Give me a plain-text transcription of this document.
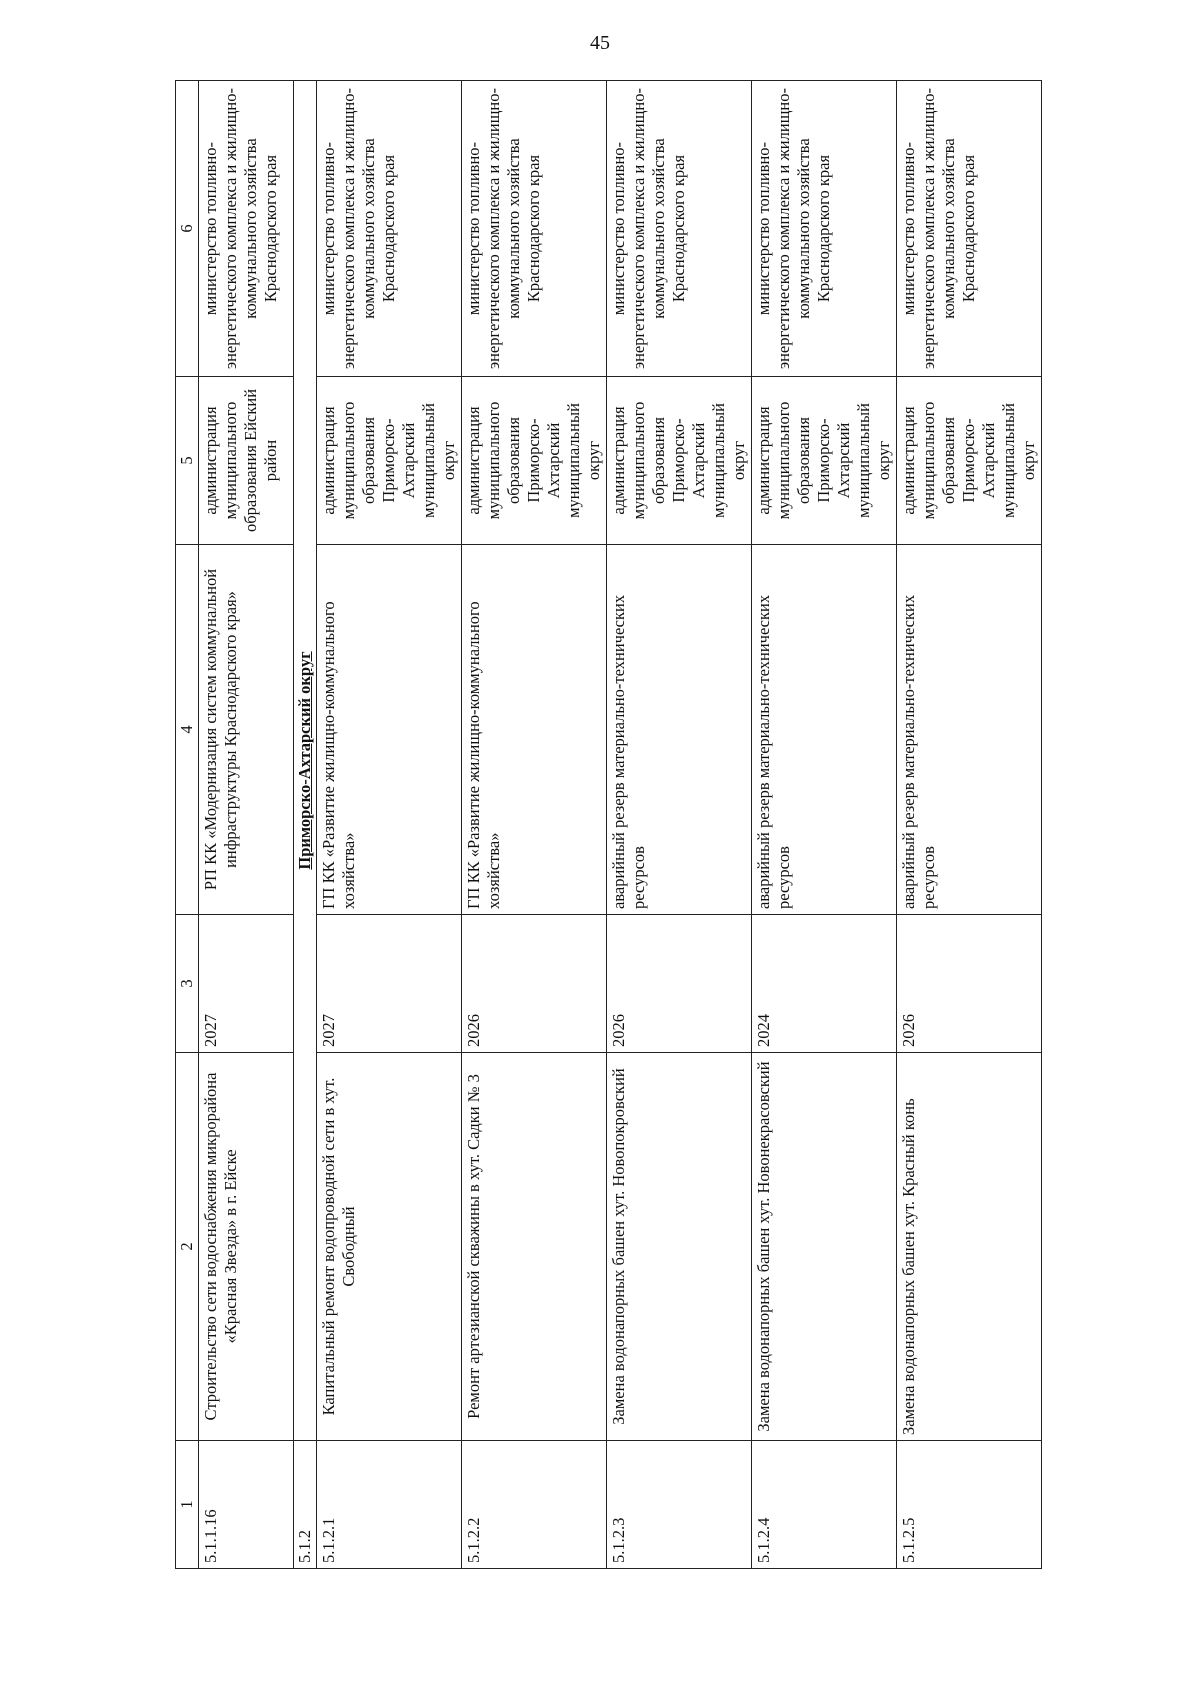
45
1	2	3	4	5	6
5.1.1.16	Строительство сети водоснабжения микрорайона «Красная Звезда» в г. Ейске	2027	РП КК «Модернизация систем коммунальной инфраструктуры Краснодарского края»	администрация муниципального образования Ейский район	министерство топливно-энергетического комплекса и жилищно-коммунального хозяйства Краснодарского края
5.1.2	Приморско-Ахтарский округ				
5.1.2.1	Капитальный ремонт водопроводной сети в хут. Свободный	2027	ГП КК «Развитие жилищно-коммунального хозяйства»	администрация муниципального образования Приморско-Ахтарский муниципальный округ	министерство топливно-энергетического комплекса и жилищно-коммунального хозяйства Краснодарского края
5.1.2.2	Ремонт артезианской скважины в хут. Садки № 3	2026	ГП КК «Развитие жилищно-коммунального хозяйства»	администрация муниципального образования Приморско-Ахтарский муниципальный округ	министерство топливно-энергетического комплекса и жилищно-коммунального хозяйства Краснодарского края
5.1.2.3	Замена водонапорных башен хут. Новопокровский	2026	аварийный резерв материально-технических ресурсов	администрация муниципального образования Приморско-Ахтарский муниципальный округ	министерство топливно-энергетического комплекса и жилищно-коммунального хозяйства Краснодарского края
5.1.2.4	Замена водонапорных башен хут. Новонекрасовский	2024	аварийный резерв материально-технических ресурсов	администрация муниципального образования Приморско-Ахтарский муниципальный округ	министерство топливно-энергетического комплекса и жилищно-коммунального хозяйства Краснодарского края
5.1.2.5	Замена водонапорных башен хут. Красный конь	2026	аварийный резерв материально-технических ресурсов	администрация муниципального образования Приморско-Ахтарский муниципальный округ	министерство топливно-энергетического комплекса и жилищно-коммунального хозяйства Краснодарского края
